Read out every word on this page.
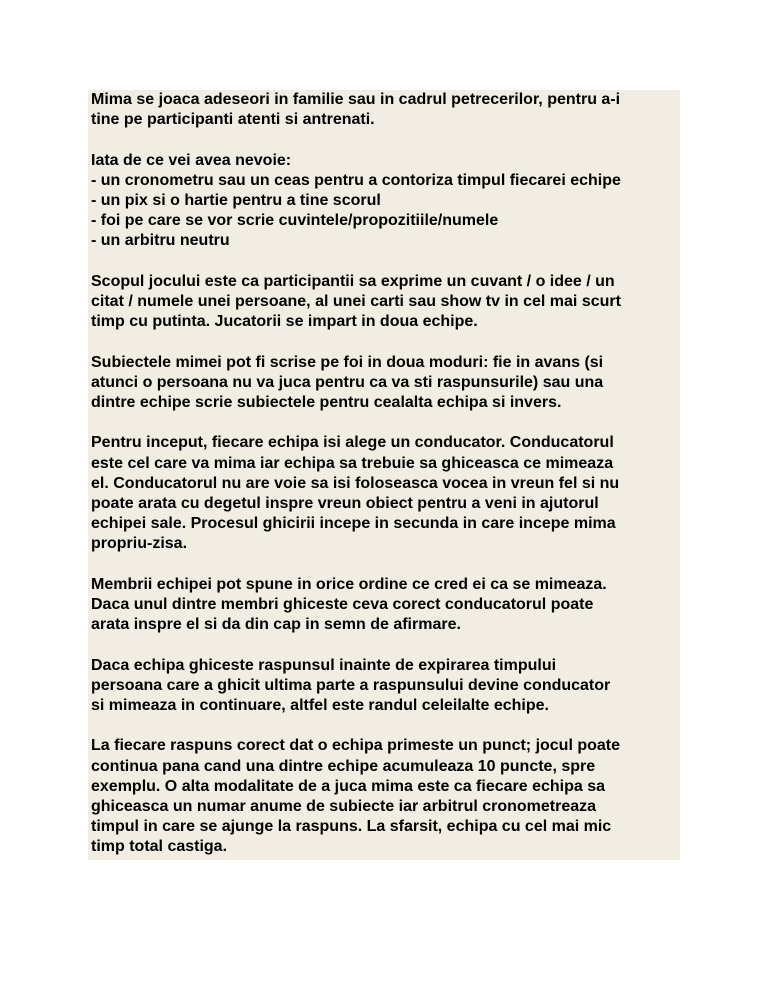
Mima se joaca adeseori in familie sau in cadrul petrecerilor, pentru a-i
tine pe participanti atenti si antrenati.

Iata de ce vei avea nevoie:
- un cronometru sau un ceas pentru a contoriza timpul fiecarei echipe
- un pix si o hartie pentru a tine scorul
- foi pe care se vor scrie cuvintele/propozitiile/numele
- un arbitru neutru

Scopul jocului este ca participantii sa exprime un cuvant / o idee / un
citat / numele unei persoane, al unei carti sau show tv in cel mai scurt
timp cu putinta. Jucatorii se impart in doua echipe.

Subiectele mimei pot fi scrise pe foi in doua moduri: fie in avans (si
atunci o persoana nu va juca pentru ca va sti raspunsurile) sau una
dintre echipe scrie subiectele pentru cealalta echipa si invers.

Pentru inceput, fiecare echipa isi alege un conducator. Conducatorul
este cel care va mima iar echipa sa trebuie sa ghiceasca ce mimeaza
el. Conducatorul nu are voie sa isi foloseasca vocea in vreun fel si nu
poate arata cu degetul inspre vreun obiect pentru a veni in ajutorul
echipei sale. Procesul ghicirii incepe in secunda in care incepe mima
propriu-zisa.

Membrii echipei pot spune in orice ordine ce cred ei ca se mimeaza.
Daca unul dintre membri ghiceste ceva corect conducatorul poate
arata inspre el si da din cap in semn de afirmare.

Daca echipa ghiceste raspunsul inainte de expirarea timpului
persoana care a ghicit ultima parte a raspunsului devine conducator
si mimeaza in continuare, altfel este randul celeilalte echipe.

La fiecare raspuns corect dat o echipa primeste un punct; jocul poate
continua pana cand una dintre echipe acumuleaza 10 puncte, spre
exemplu. O alta modalitate de a juca mima este ca fiecare echipa sa
ghiceasca un numar anume de subiecte iar arbitrul cronometreaza
timpul in care se ajunge la raspuns. La sfarsit, echipa cu cel mai mic
timp total castiga.
